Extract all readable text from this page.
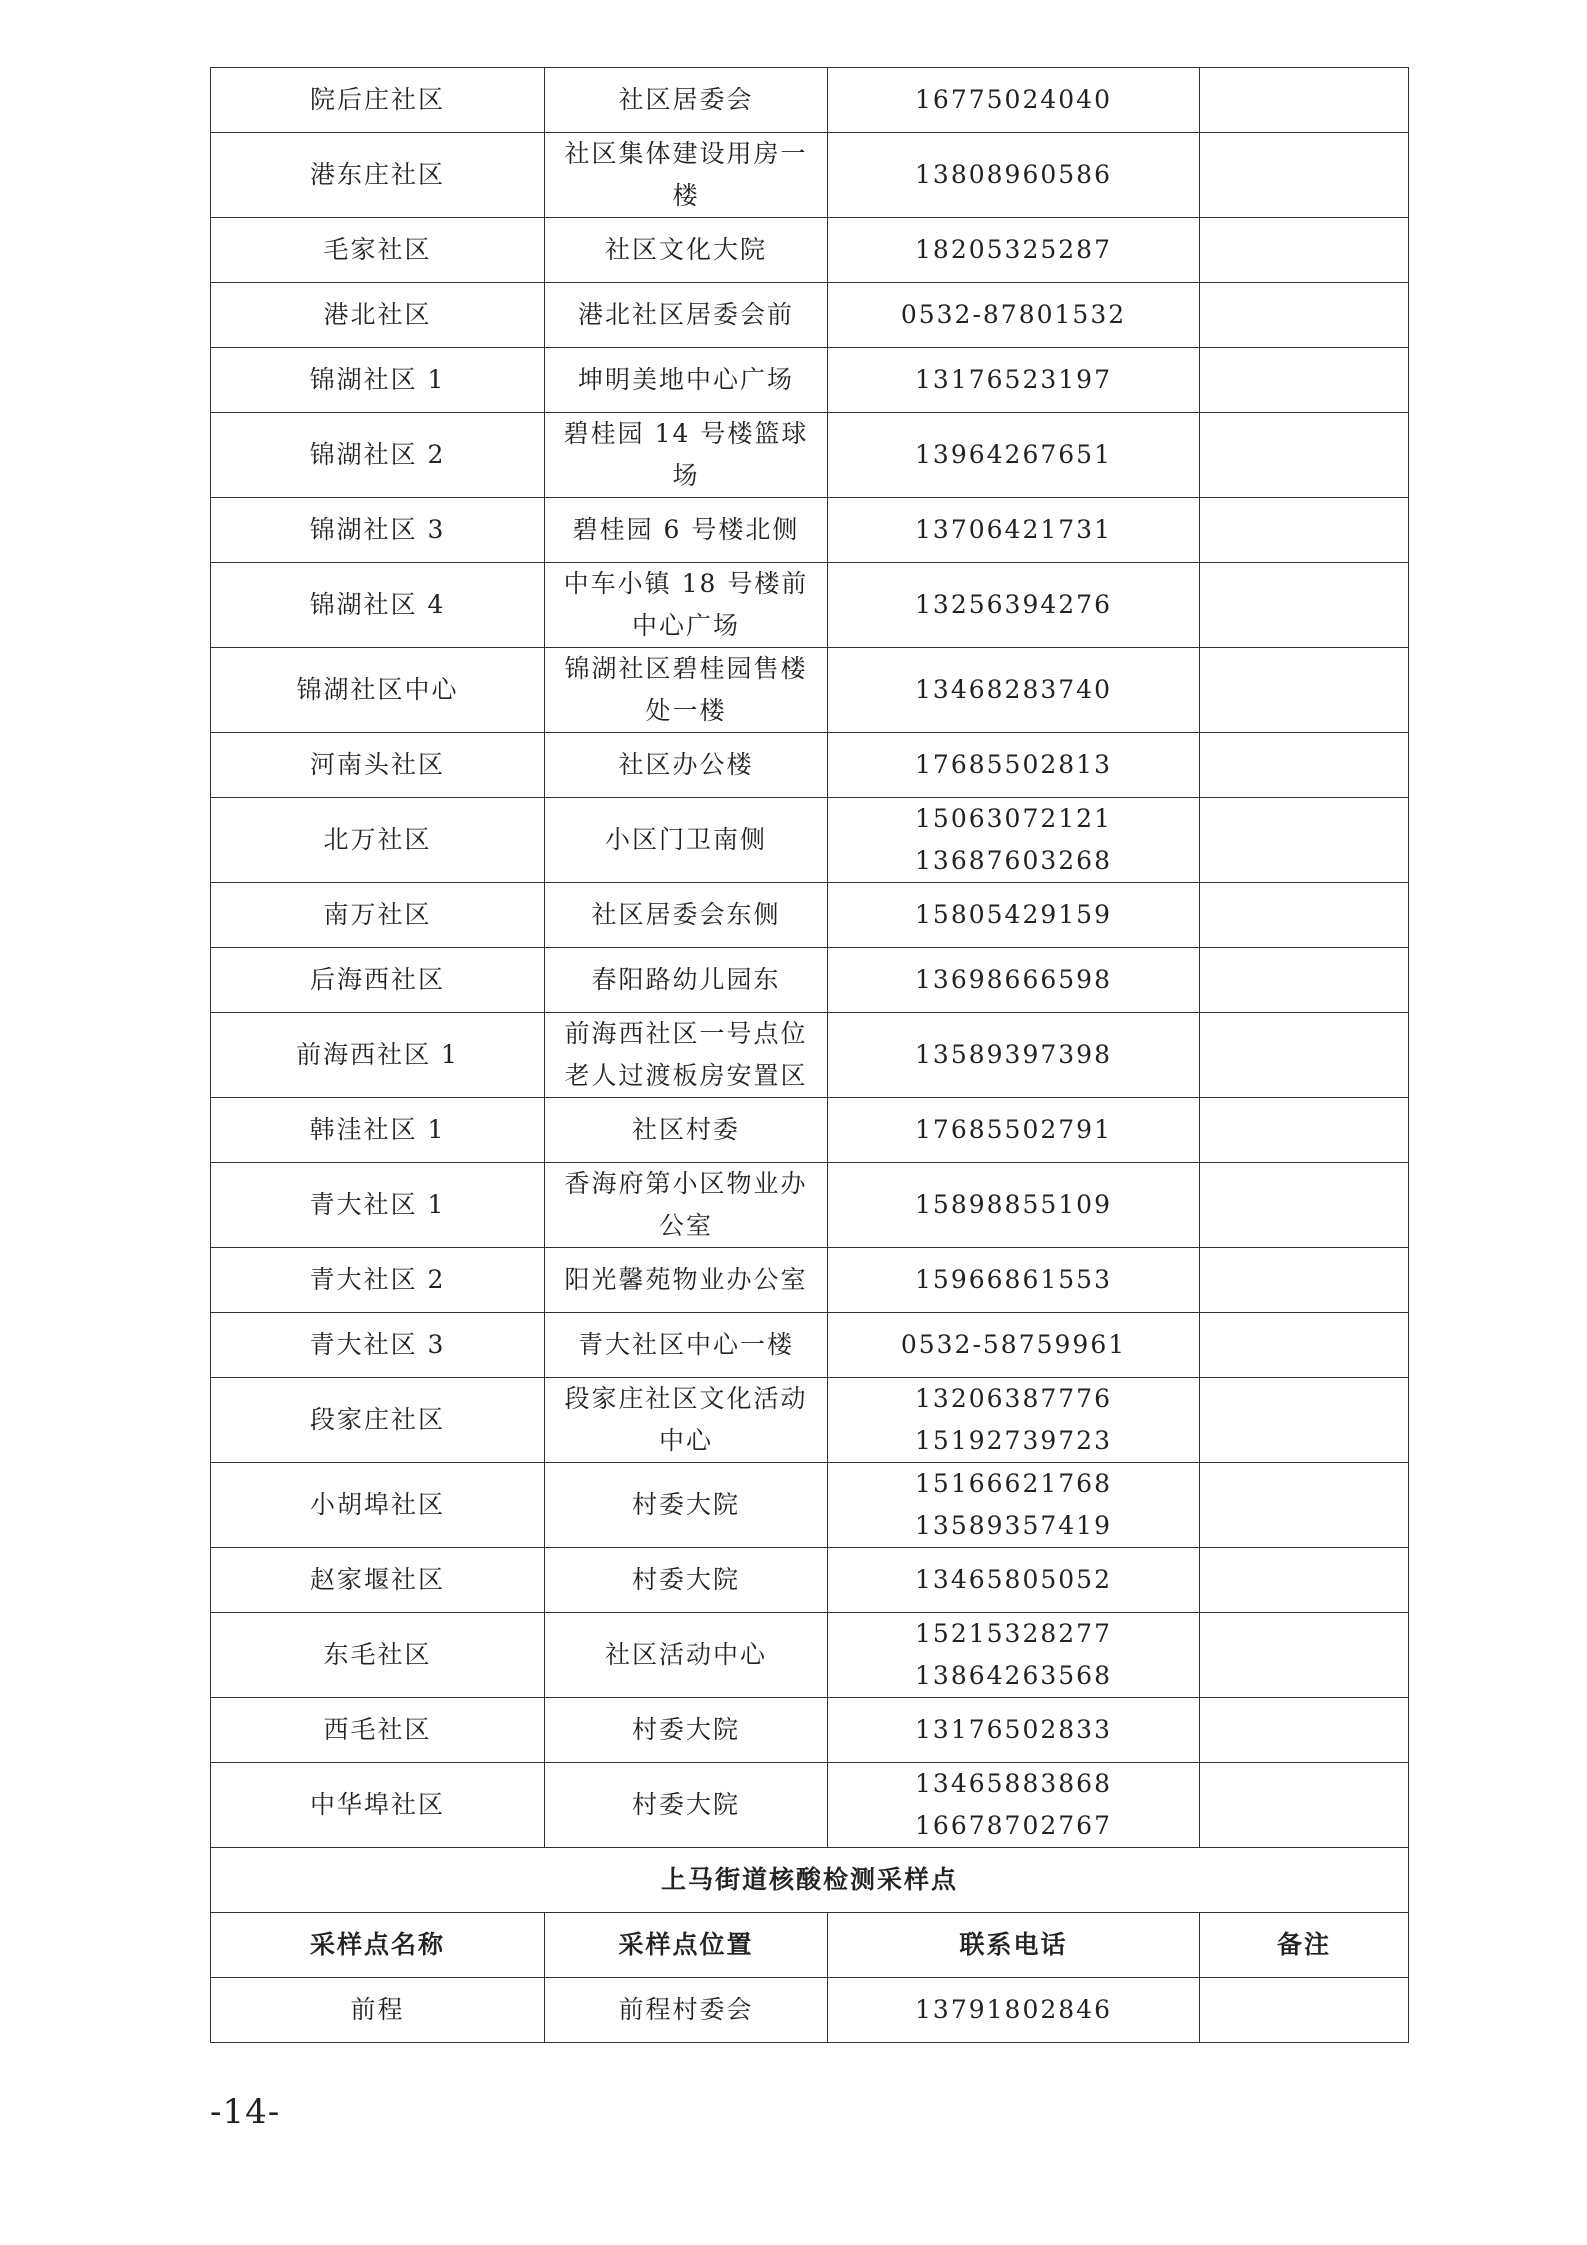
院后庄社区	社区居委会	16775024040	

港东庄社区	社区集体建设用房一楼	13808960586	

毛家社区	社区文化大院	18205325287	

港北社区	港北社区居委会前	0532-87801532	

锦湖社区 1	坤明美地中心广场	13176523197	

锦湖社区 2	碧桂园 14 号楼篮球场	13964267651	

锦湖社区 3	碧桂园 6 号楼北侧	13706421731	

锦湖社区 4	中车小镇 18 号楼前中心广场	13256394276	

锦湖社区中心	锦湖社区碧桂园售楼处一楼	13468283740	

河南头社区	社区办公楼	17685502813	

北万社区	小区门卫南侧	15063072121
13687603268	

南万社区	社区居委会东侧	15805429159	

后海西社区	春阳路幼儿园东	13698666598	

前海西社区 1	前海西社区一号点位老人过渡板房安置区	13589397398	

韩洼社区 1	社区村委	17685502791	

青大社区 1	香海府第小区物业办公室	15898855109	

青大社区 2	阳光馨苑物业办公室	15966861553	

青大社区 3	青大社区中心一楼	0532-58759961	

段家庄社区	段家庄社区文化活动中心	13206387776
15192739723	

小胡埠社区	村委大院	15166621768
13589357419	

赵家堰社区	村委大院	13465805052	

东毛社区	社区活动中心	15215328277
13864263568	

西毛社区	村委大院	13176502833	

中华埠社区	村委大院	13465883868
16678702767	

上马街道核酸检测采样点			
采样点名称	采样点位置	联系电话	备注
前程	前程村委会	13791802846	

-14-
